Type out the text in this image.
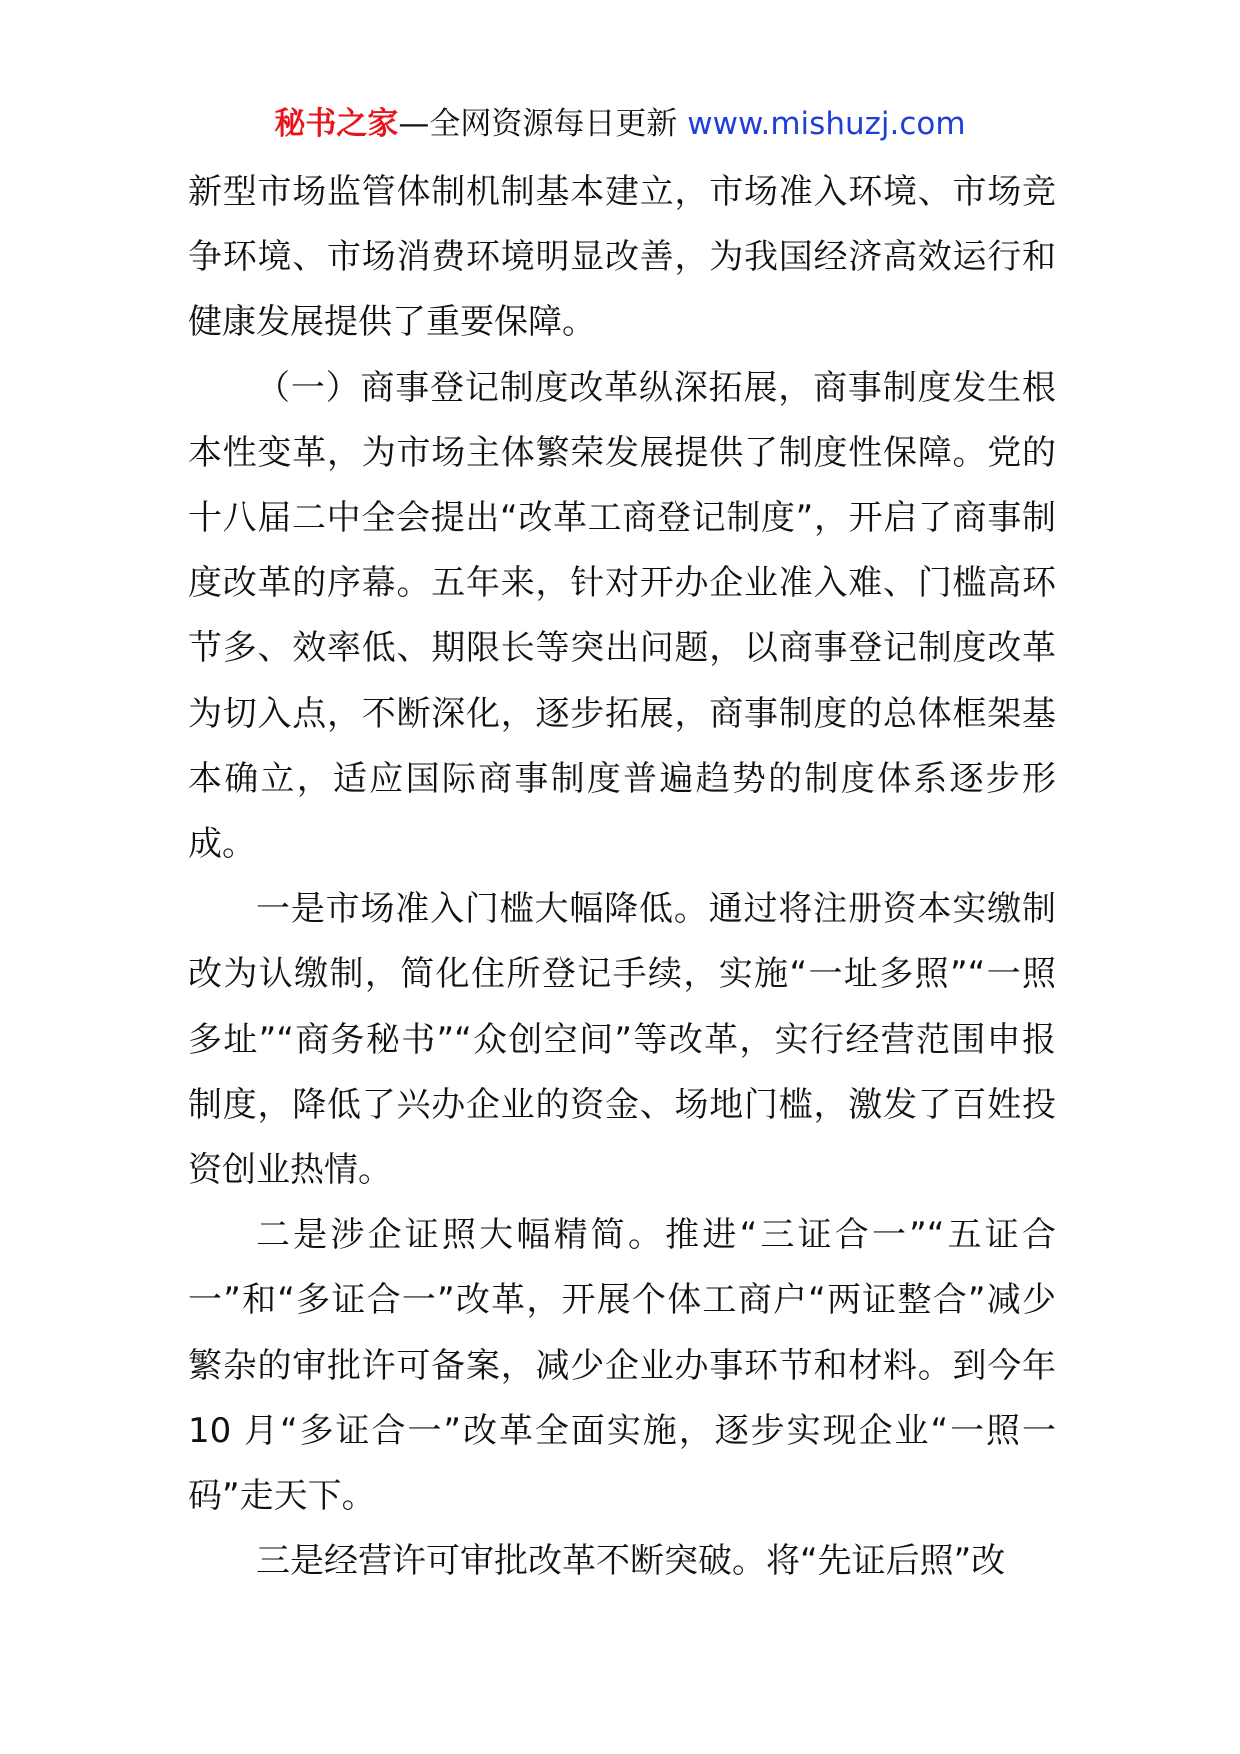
秘书之家—全网资源每日更新 www.mishuzj.com

新型市场监管体制机制基本建立，市场准入环境、市场竞争环境、市场消费环境明显改善，为我国经济高效运行和健康发展提供了重要保障。

（一）商事登记制度改革纵深拓展，商事制度发生根本性变革，为市场主体繁荣发展提供了制度性保障。党的十八届二中全会提出“改革工商登记制度”，开启了商事制度改革的序幕。五年来，针对开办企业准入难、门槛高环节多、效率低、期限长等突出问题，以商事登记制度改革为切入点，不断深化，逐步拓展，商事制度的总体框架基本确立，适应国际商事制度普遍趋势的制度体系逐步形成。

一是市场准入门槛大幅降低。通过将注册资本实缴制改为认缴制，简化住所登记手续，实施“一址多照”“一照多址”“商务秘书”“众创空间”等改革，实行经营范围申报制度，降低了兴办企业的资金、场地门槛，激发了百姓投资创业热情。

二是涉企证照大幅精简。推进“三证合一”“五证合一”和“多证合一”改革，开展个体工商户“两证整合”减少繁杂的审批许可备案，减少企业办事环节和材料。到今年 10 月“多证合一”改革全面实施，逐步实现企业“一照一码”走天下。

三是经营许可审批改革不断突破。将“先证后照”改
